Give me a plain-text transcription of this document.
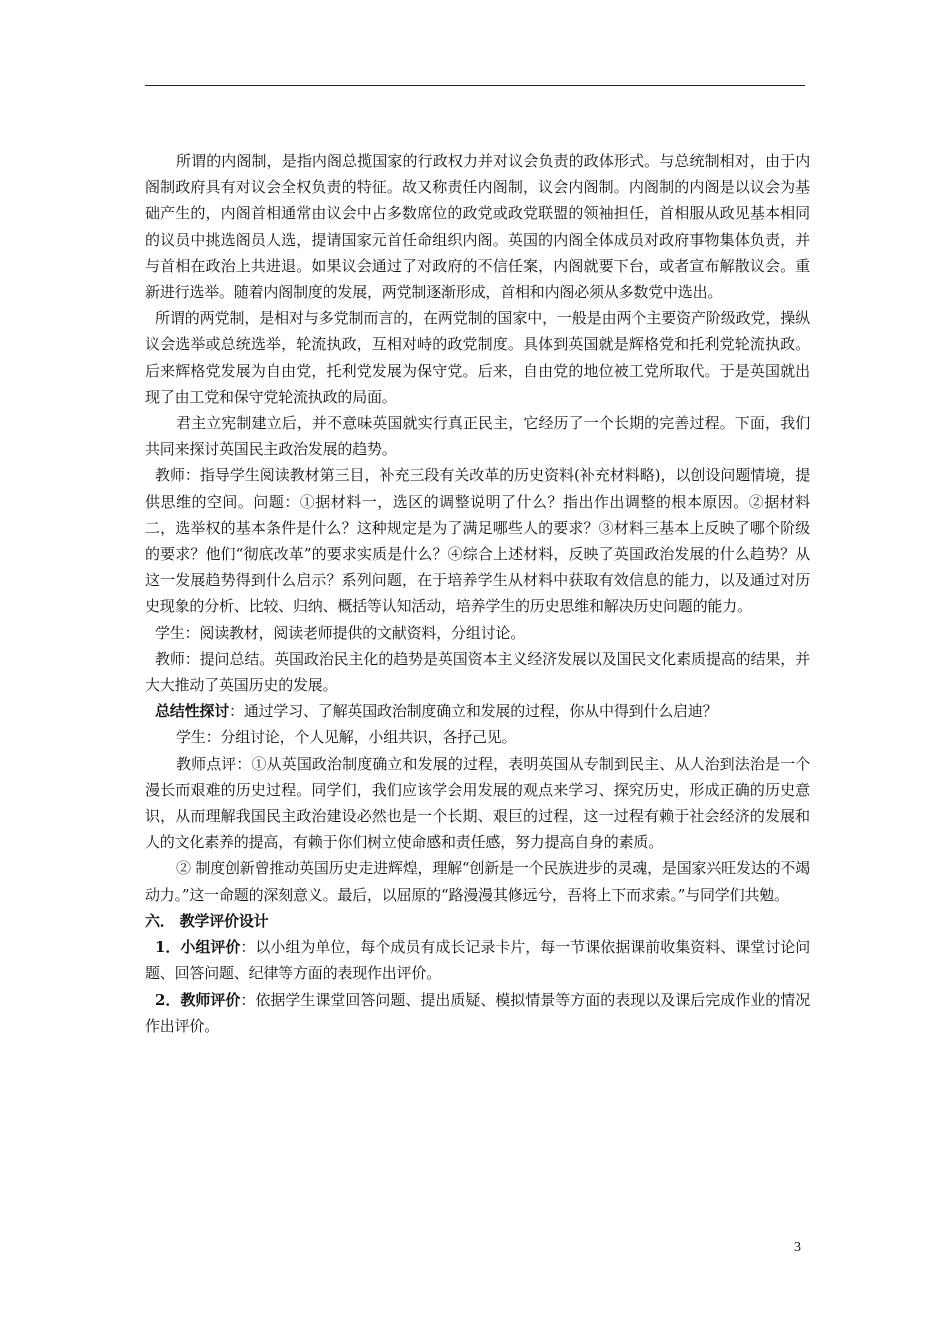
所谓的内阁制，是指内阁总揽国家的行政权力并对议会负责的政体形式。与总统制相对，由于内阁制政府具有对议会全权负责的特征。故又称责任内阁制，议会内阁制。内阁制的内阁是以议会为基础产生的，内阁首相通常由议会中占多数席位的政党或政党联盟的领袖担任，首相服从政见基本相同的议员中挑选阁员人选，提请国家元首任命组织内阁。英国的内阁全体成员对政府事物集体负责，并与首相在政治上共进退。如果议会通过了对政府的不信任案，内阁就要下台，或者宣布解散议会。重新进行选举。随着内阁制度的发展，两党制逐渐形成，首相和内阁必须从多数党中选出。

所谓的两党制，是相对与多党制而言的，在两党制的国家中，一般是由两个主要资产阶级政党，操纵议会选举或总统选举，轮流执政，互相对峙的政党制度。具体到英国就是辉格党和托利党轮流执政。后来辉格党发展为自由党，托利党发展为保守党。后来，自由党的地位被工党所取代。于是英国就出现了由工党和保守党轮流执政的局面。

君主立宪制建立后，并不意味英国就实行真正民主，它经历了一个长期的完善过程。下面，我们共同来探讨英国民主政治发展的趋势。

教师：指导学生阅读教材第三目，补充三段有关改革的历史资料(补充材料略)，以创设问题情境，提供思维的空间。问题：①据材料一，选区的调整说明了什么？指出作出调整的根本原因。②据材料二，选举权的基本条件是什么？这种规定是为了满足哪些人的要求？③材料三基本上反映了哪个阶级的要求？他们“彻底改革”的要求实质是什么？④综合上述材料，反映了英国政治发展的什么趋势？从这一发展趋势得到什么启示？系列问题，在于培养学生从材料中获取有效信息的能力，以及通过对历史现象的分析、比较、归纳、概括等认知活动，培养学生的历史思维和解决历史问题的能力。

学生：阅读教材，阅读老师提供的文献资料，分组讨论。

教师：提问总结。英国政治民主化的趋势是英国资本主义经济发展以及国民文化素质提高的结果，并大大推动了英国历史的发展。

总结性探讨：通过学习、了解英国政治制度确立和发展的过程，你从中得到什么启迪？

学生：分组讨论，个人见解，小组共识，各抒己见。

教师点评：①从英国政治制度确立和发展的过程，表明英国从专制到民主、从人治到法治是一个漫长而艰难的历史过程。同学们，我们应该学会用发展的观点来学习、探究历史，形成正确的历史意识，从而理解我国民主政治建设必然也是一个长期、艰巨的过程，这一过程有赖于社会经济的发展和人的文化素养的提高，有赖于你们树立使命感和责任感，努力提高自身的素质。

② 制度创新曾推动英国历史走进辉煌，理解“创新是一个民族进步的灵魂，是国家兴旺发达的不竭动力。”这一命题的深刻意义。最后，以屈原的“路漫漫其修远兮，吾将上下而求索。”与同学们共勉。

六． 教学评价设计

1．小组评价：以小组为单位，每个成员有成长记录卡片，每一节课依据课前收集资料、课堂讨论问题、回答问题、纪律等方面的表现作出评价。

2．教师评价：依据学生课堂回答问题、提出质疑、模拟情景等方面的表现以及课后完成作业的情况作出评价。

3
